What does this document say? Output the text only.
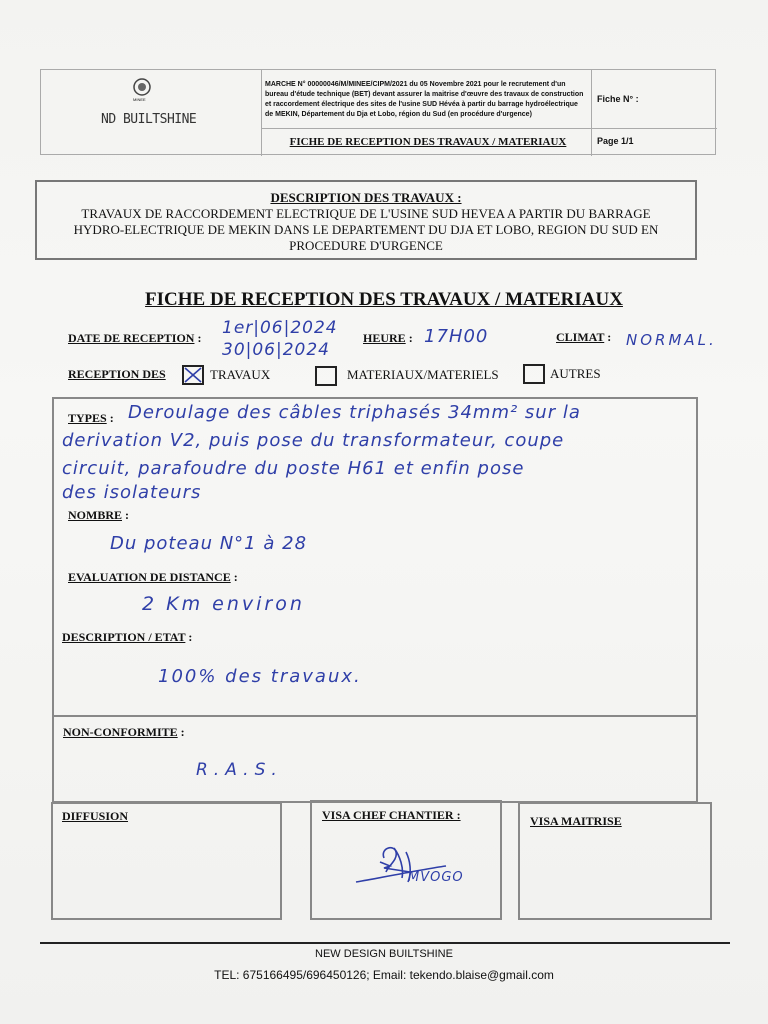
MINEE
ND BUILTSHINE
MARCHE N° 00000046/M/MINEE/CIPM/2021 du 05 Novembre 2021 pour le recrutement d'un bureau d'étude technique (BET) devant assurer la maitrise d'œuvre des travaux de construction et raccordement électrique des sites de l'usine SUD Hévéa à partir du barrage hydroélectrique de MEKIN, Département du Dja et Lobo, région du Sud (en procédure d'urgence)
FICHE DE RECEPTION DES TRAVAUX / MATERIAUX
Fiche N° :
Page 1/1
DESCRIPTION DES TRAVAUX :
TRAVAUX DE RACCORDEMENT ELECTRIQUE DE L'USINE SUD HEVEA A PARTIR DU BARRAGE
HYDRO-ELECTRIQUE DE MEKIN DANS LE DEPARTEMENT DU DJA ET LOBO, REGION DU SUD EN
PROCEDURE D'URGENCE
FICHE DE RECEPTION DES TRAVAUX / MATERIAUX
DATE DE RECEPTION : 1er|06|2024
30|06|2024
HEURE : 17H00	CLIMAT : NORMAL.
RECEPTION DES	TRAVAUX	MATERIAUX/MATERIELS	AUTRES
TYPES : Deroulage des câbles triphasés 34mm² sur la
derivation V2, puis pose du transformateur, coupe
circuit, parafoudre du poste H61 et enfin pose
des isolateurs
NOMBRE :
Du poteau N°1 à 28
EVALUATION DE DISTANCE :
2 Km environ
DESCRIPTION / ETAT :
100% des travaux.
NON-CONFORMITE :
R.A.S.
DIFFUSION	VISA CHEF CHANTIER :
MVOGO
VISA MAITRISE
NEW DESIGN BUILTSHINE
TEL: 675166495/696450126; Email: tekendo.blaise@gmail.com
